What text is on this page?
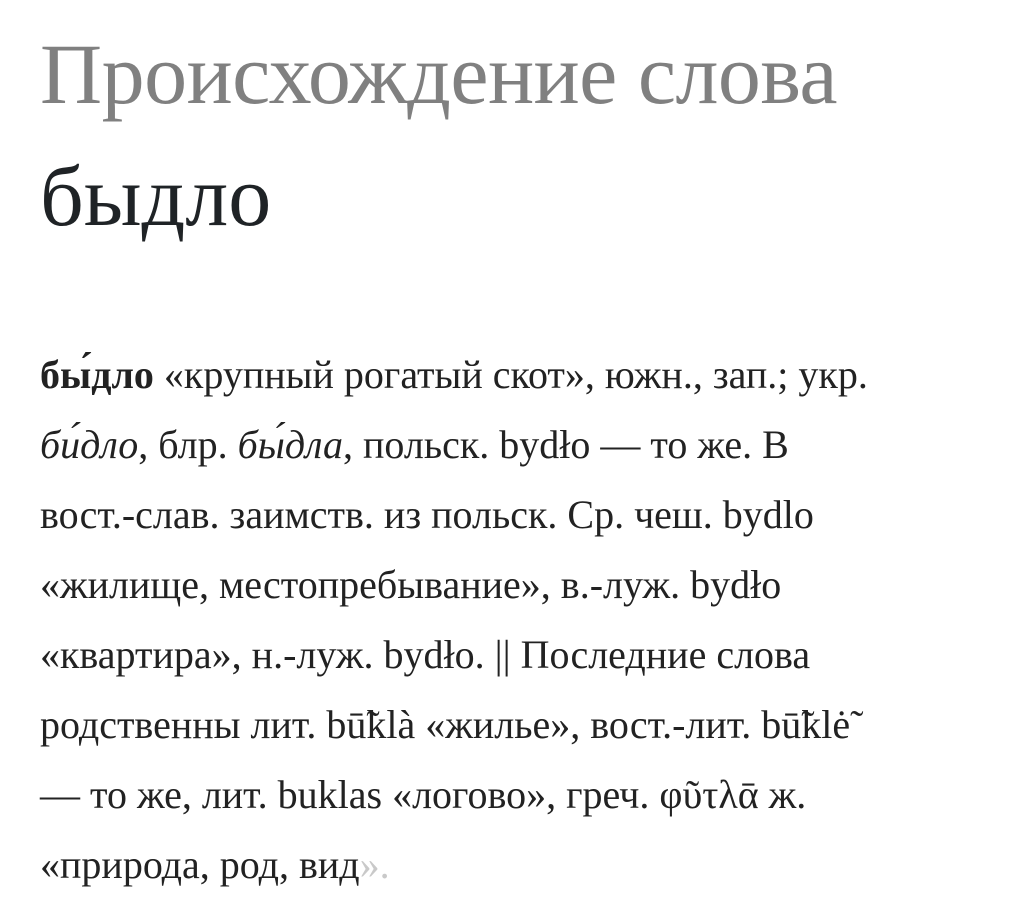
Происхождение слова
быдло
бы́дло «крупный рогатый скот», южн., зап.; укр.
би́дло, блр. бы́дла, польск. bydło — то же. В
вост.-слав. заимств. из польск. Ср. чеш. bydlo
«жилище, местопребывание», в.-луж. bydło
«квартира», н.-луж. bydło. || Последние слова
родственны лит. bū̃klà «жилье», вост.-лит. bū̃klė̃
— то же, лит. buklas «логово», греч. φῦτλᾱ ж.
«природа, род, вид».
